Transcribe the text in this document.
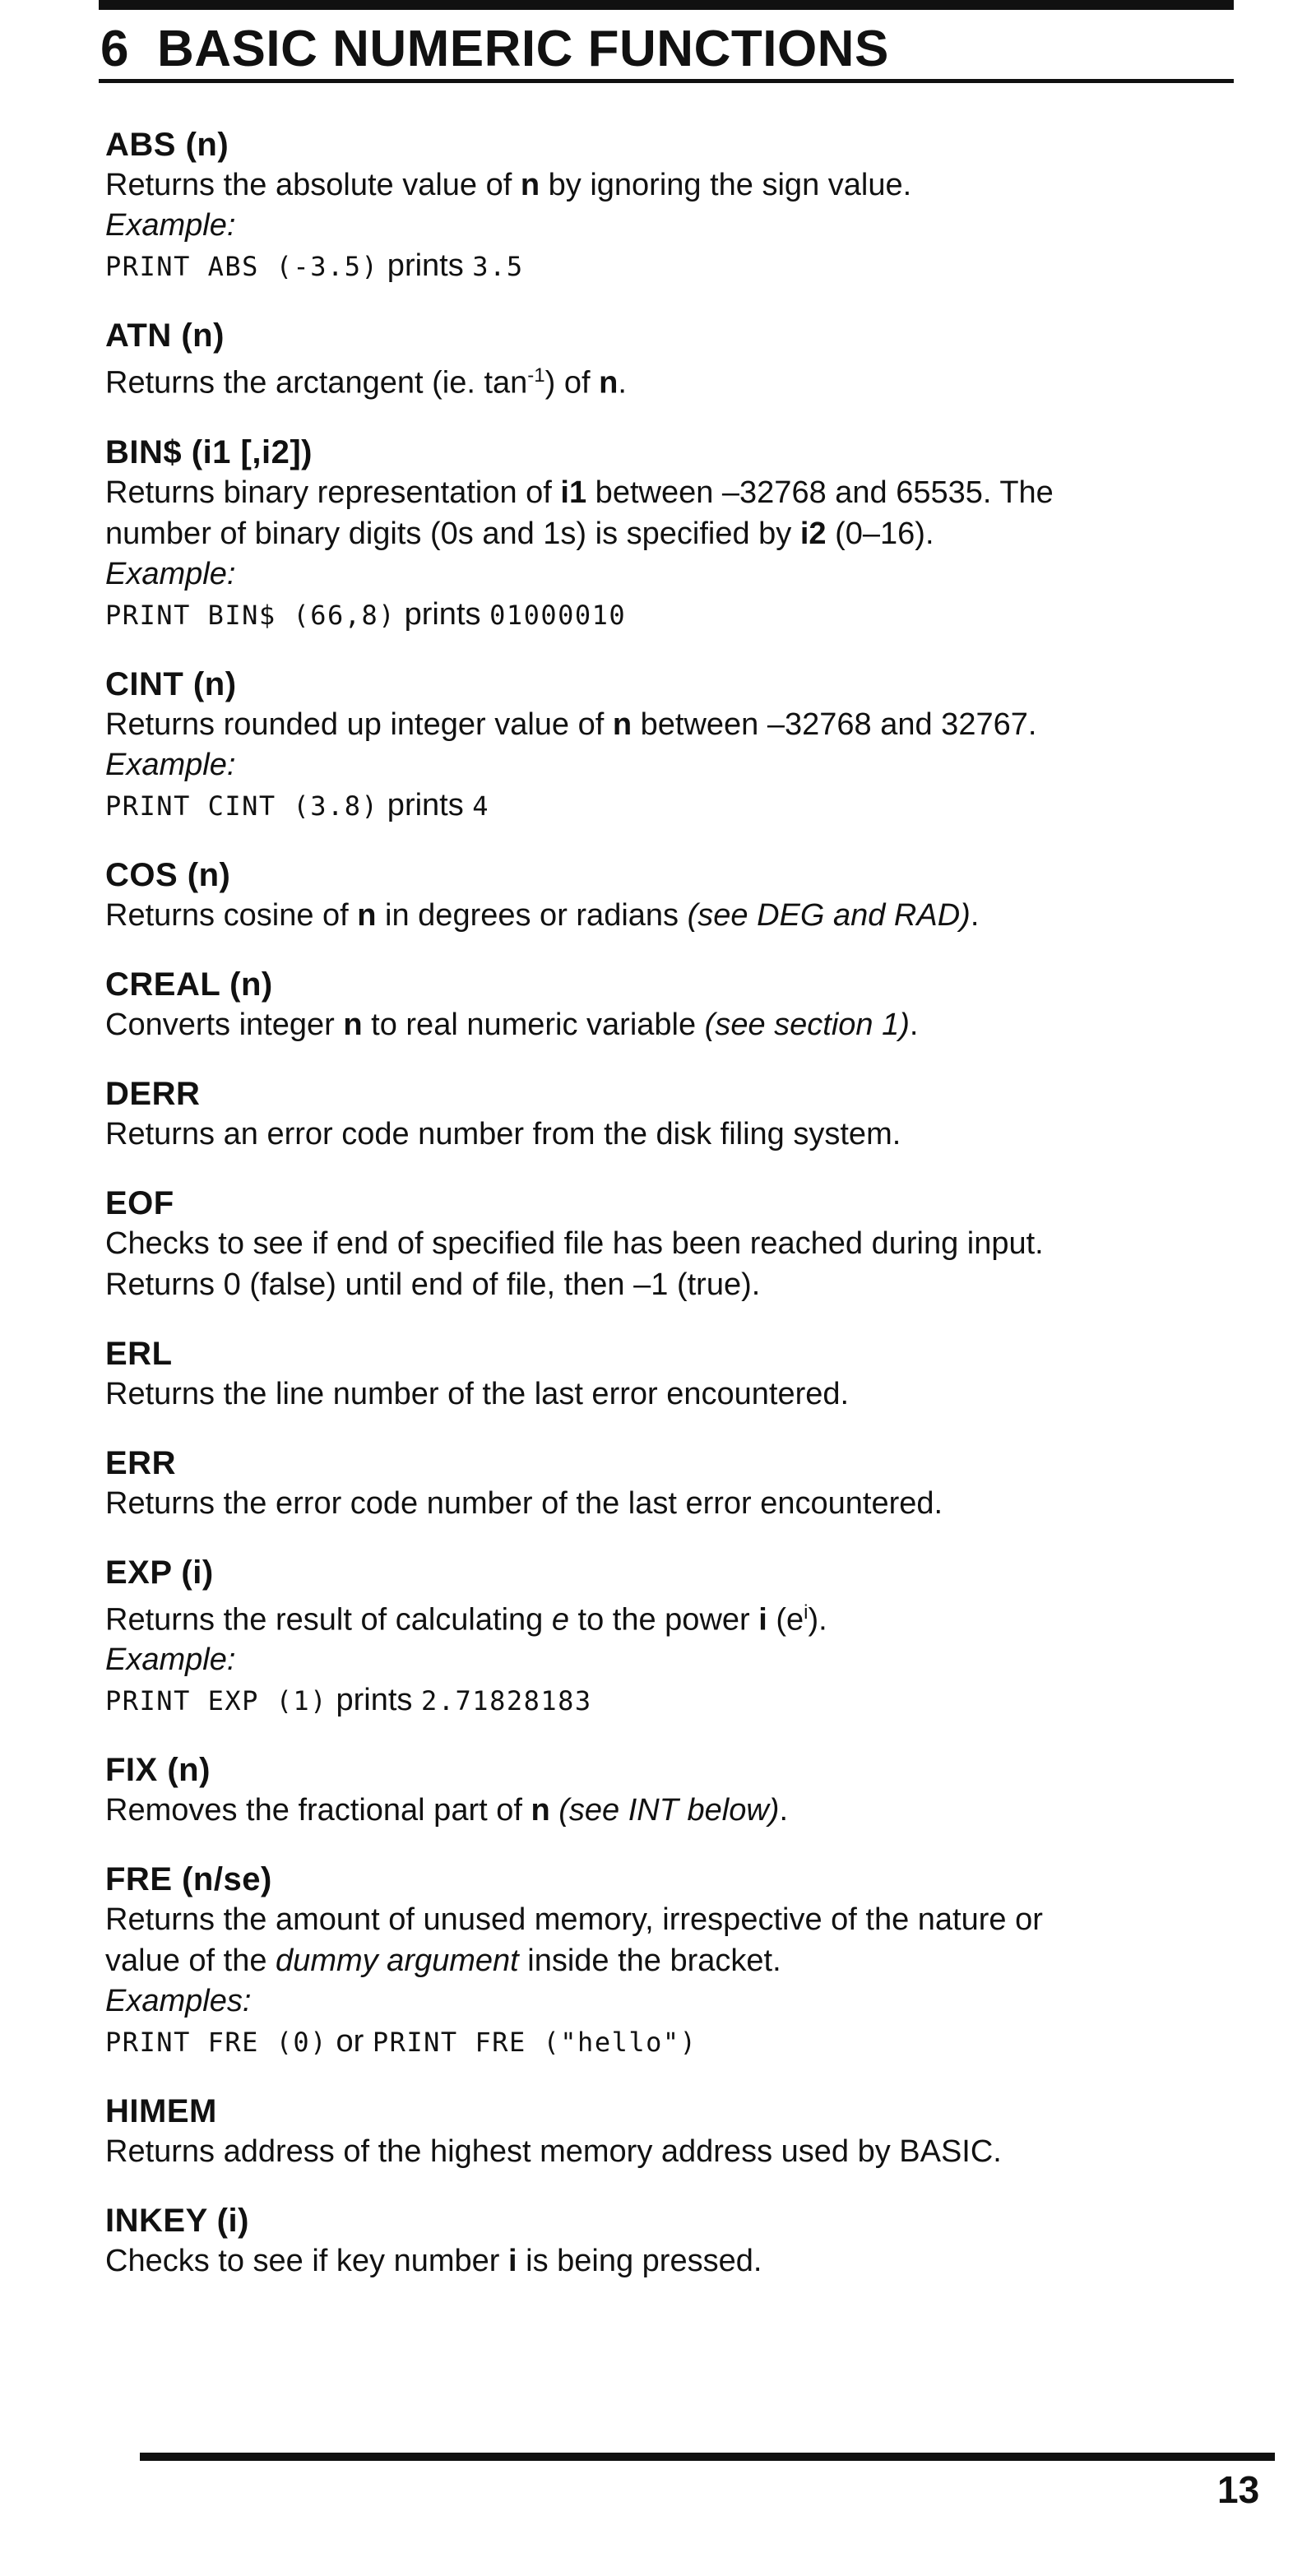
6 BASIC NUMERIC FUNCTIONS
ABS (n)

Returns the absolute value of n by ignoring the sign value.

Example:
PRINT ABS (-3.5) prints 3.5
ATN (n)

Returns the arctangent (ie. $\tan^{-1}$) of n.

BIN$ (i1 [,i2])

Returns binary representation of i1 between –32768 and 65535. The

number of binary digits (0s and 1s) is specified by i2 (0–16).

Example:
PRINT BIN$ (66,8) prints 01000010
CINT (n)

Returns rounded up integer value of n between –32768 and 32767.

Example:
PRINT CINT (3.8) prints 4
COS (n)

Returns cosine of n in degrees or radians (see DEG and RAD).

CREAL (n)

Converts integer n to real numeric variable (see section 1).

DERR

Returns an error code number from the disk filing system.

EOF

Checks to see if end of specified file has been reached during input.

Returns 0 (false) until end of file, then –1 (true).

ERL

Returns the line number of the last error encountered.

ERR

Returns the error code number of the last error encountered.

EXP (i)

Returns the result of calculating e to the power i $(e^i)$.

Example:
PRINT EXP (1) prints 2.71828183
FIX (n)

Removes the fractional part of n (see INT below).

FRE (n/se)

Returns the amount of unused memory, irrespective of the nature or

value of the dummy argument inside the bracket.

Examples:
PRINT FRE (0) or PRINT FRE ("hello")
HIMEM

Returns address of the highest memory address used by BASIC.

INKEY (i)

Checks to see if key number i is being pressed.

13
